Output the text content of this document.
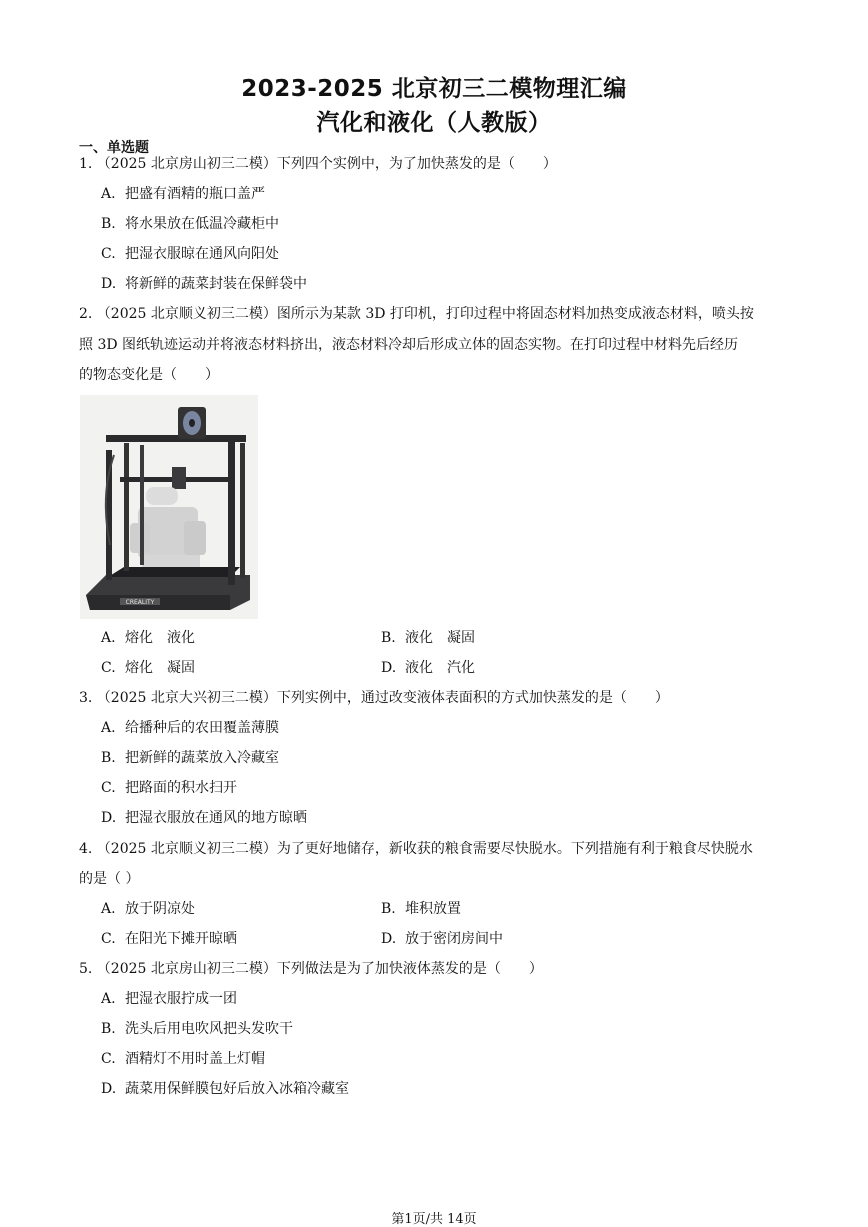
2023-2025 北京初三二模物理汇编
汽化和液化（人教版）
一、单选题
1. （2025 北京房山初三二模）下列四个实例中，为了加快蒸发的是（　　）
A. 把盛有酒精的瓶口盖严
B. 将水果放在低温冷藏柜中
C. 把湿衣服晾在通风向阳处
D. 将新鲜的蔬菜封装在保鲜袋中
2. （2025 北京顺义初三二模）图所示为某款 3D 打印机，打印过程中将固态材料加热变成液态材料，喷头按
照 3D 图纸轨迹运动并将液态材料挤出，液态材料冷却后形成立体的固态实物。在打印过程中材料先后经历
的物态变化是（　　）
CREALITY
A. 熔化　液化	B. 液化　凝固
C. 熔化　凝固	D. 液化　汽化
3. （2025 北京大兴初三二模）下列实例中，通过改变液体表面积的方式加快蒸发的是（　　）
A. 给播种后的农田覆盖薄膜
B. 把新鲜的蔬菜放入冷藏室
C. 把路面的积水扫开
D. 把湿衣服放在通风的地方晾晒
4. （2025 北京顺义初三二模）为了更好地储存，新收获的粮食需要尽快脱水。下列措施有利于粮食尽快脱水
的是（ ）
A. 放于阴凉处	B. 堆积放置
C. 在阳光下摊开晾晒	D. 放于密闭房间中
5. （2025 北京房山初三二模）下列做法是为了加快液体蒸发的是（　　）
A. 把湿衣服拧成一团
B. 洗头后用电吹风把头发吹干
C. 酒精灯不用时盖上灯帽
D. 蔬菜用保鲜膜包好后放入冰箱冷藏室
第1页/共 14页
